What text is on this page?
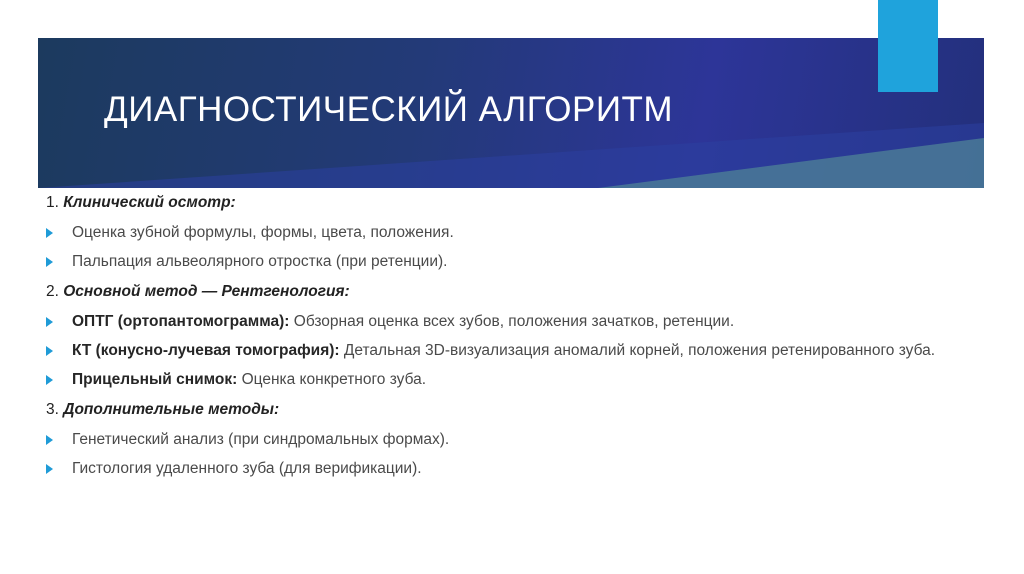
ДИАГНОСТИЧЕСКИЙ АЛГОРИТМ
1. Клинический осмотр:
Оценка зубной формулы, формы, цвета, положения.
Пальпация альвеолярного отростка (при ретенции).
2. Основной метод — Рентгенология:
ОПТГ (ортопантомограмма): Обзорная оценка всех зубов, положения зачатков, ретенции.
КТ (конусно-лучевая томография): Детальная 3D-визуализация аномалий корней, положения ретенированного зуба.
Прицельный снимок: Оценка конкретного зуба.
3. Дополнительные методы:
Генетический анализ (при синдромальных формах).
Гистология удаленного зуба (для верификации).
